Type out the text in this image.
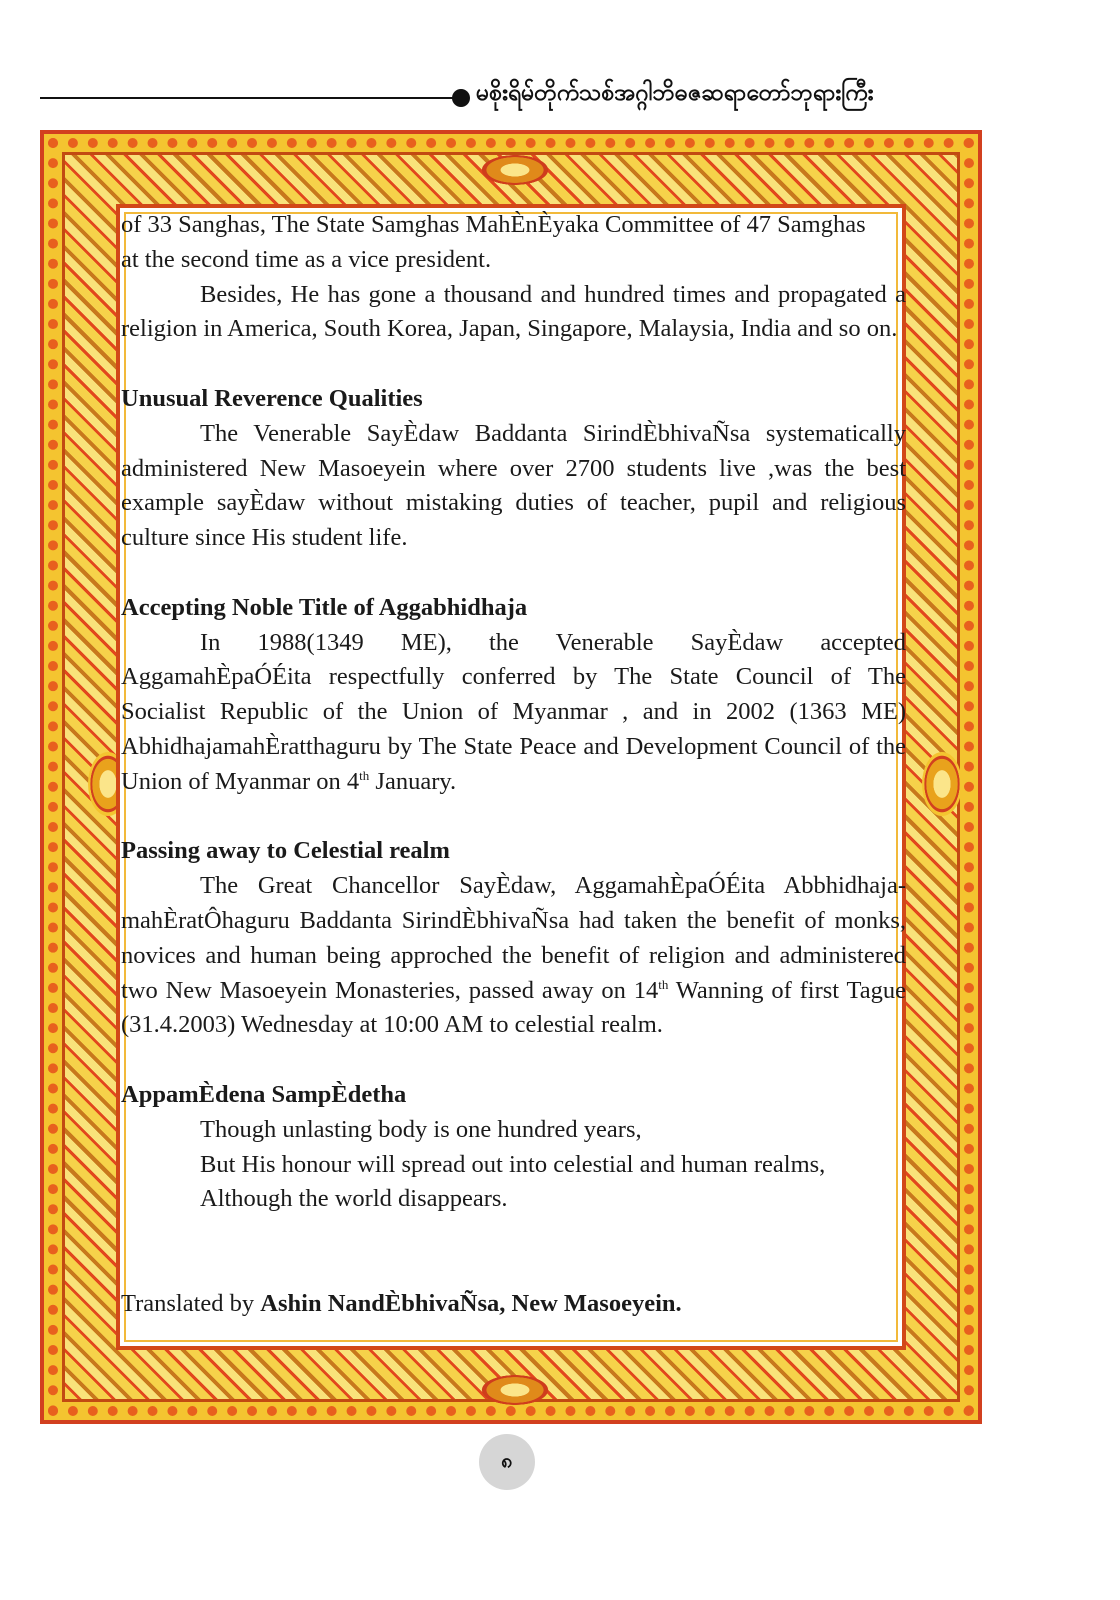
မစိုးရိမ်တိုက်သစ်အဂ္ဂါဘိဓဇဆရာတော်ဘုရားကြီး

of 33 Sanghas, The State Samghas MahÈnÈyaka Committee of 47 Samghas
at the second time as a vice president.

Besides, He has gone a thousand and hundred times and propagated a religion in America, South Korea, Japan, Singapore, Malaysia, India and so on.

Unusual Reverence Qualities

The Venerable SayÈdaw Baddanta SirindÈbhivaÑsa systematically administered New Masoeyein where over 2700 students live ,was the best example sayÈdaw without mistaking duties of teacher, pupil and religious culture since His student life.

Accepting Noble Title of Aggabhidhaja

In 1988(1349 ME), the Venerable SayÈdaw accepted AggamahÈpaÓÉita respectfully conferred by The State Council of The Socialist Republic of the Union of Myanmar , and in 2002 (1363 ME) AbhidhajamahÈratthaguru by The State Peace and Development Council of the Union of Myanmar on 4th January.

Passing away to Celestial realm

The Great Chancellor SayÈdaw, AggamahÈpaÓÉita Abbhidhaja-mahÈratÔhaguru Baddanta SirindÈbhivaÑsa had taken the benefit of monks, novices and human being approched the benefit of religion and administered two New Masoeyein Monasteries, passed away on 14th Wanning of first Tague (31.4.2003) Wednesday at 10:00 AM to celestial realm.

AppamÈdena SampÈdetha

Though unlasting body is one hundred years,

But His honour will spread out into celestial and human realms,

Although the world disappears.

Translated by Ashin NandÈbhivaÑsa, New Masoeyein.

၈
